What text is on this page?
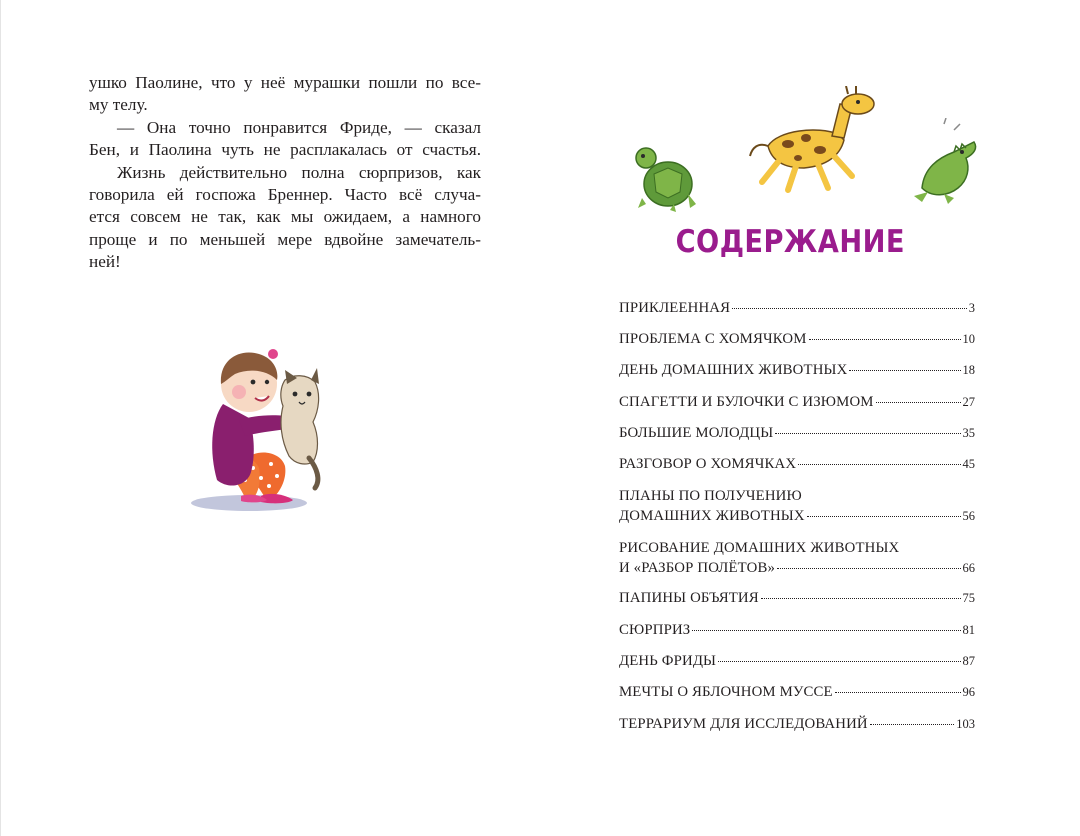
ушко Паолине, что у неё мурашки пошли по все-
му телу.
— Она точно понравится Фриде, — сказал
Бен, и Паолина чуть не расплакалась от счастья.
Жизнь действительно полна сюрпризов, как
говорила ей госпожа Бреннер. Часто всё случа-
ется совсем не так, как мы ожидаем, а намного
проще и по меньшей мере вдвойне замечатель-
ней!
СОДЕРЖАНИЕ
ПРИКЛЕЕННАЯ	3
ПРОБЛЕМА С ХОМЯЧКОМ	10
ДЕНЬ ДОМАШНИХ ЖИВОТНЫХ	18
СПАГЕТТИ И БУЛОЧКИ С ИЗЮМОМ	27
БОЛЬШИЕ МОЛОДЦЫ	35
РАЗГОВОР О ХОМЯЧКАХ	45
ПЛАНЫ ПО ПОЛУЧЕНИЮ
ДОМАШНИХ ЖИВОТНЫХ	56
РИСОВАНИЕ ДОМАШНИХ ЖИВОТНЫХ
И «РАЗБОР ПОЛЁТОВ»	66
ПАПИНЫ ОБЪЯТИЯ	75
СЮРПРИЗ	81
ДЕНЬ ФРИДЫ	87
МЕЧТЫ О ЯБЛОЧНОМ МУССЕ	96
ТЕРРАРИУМ ДЛЯ ИССЛЕДОВАНИЙ	103
